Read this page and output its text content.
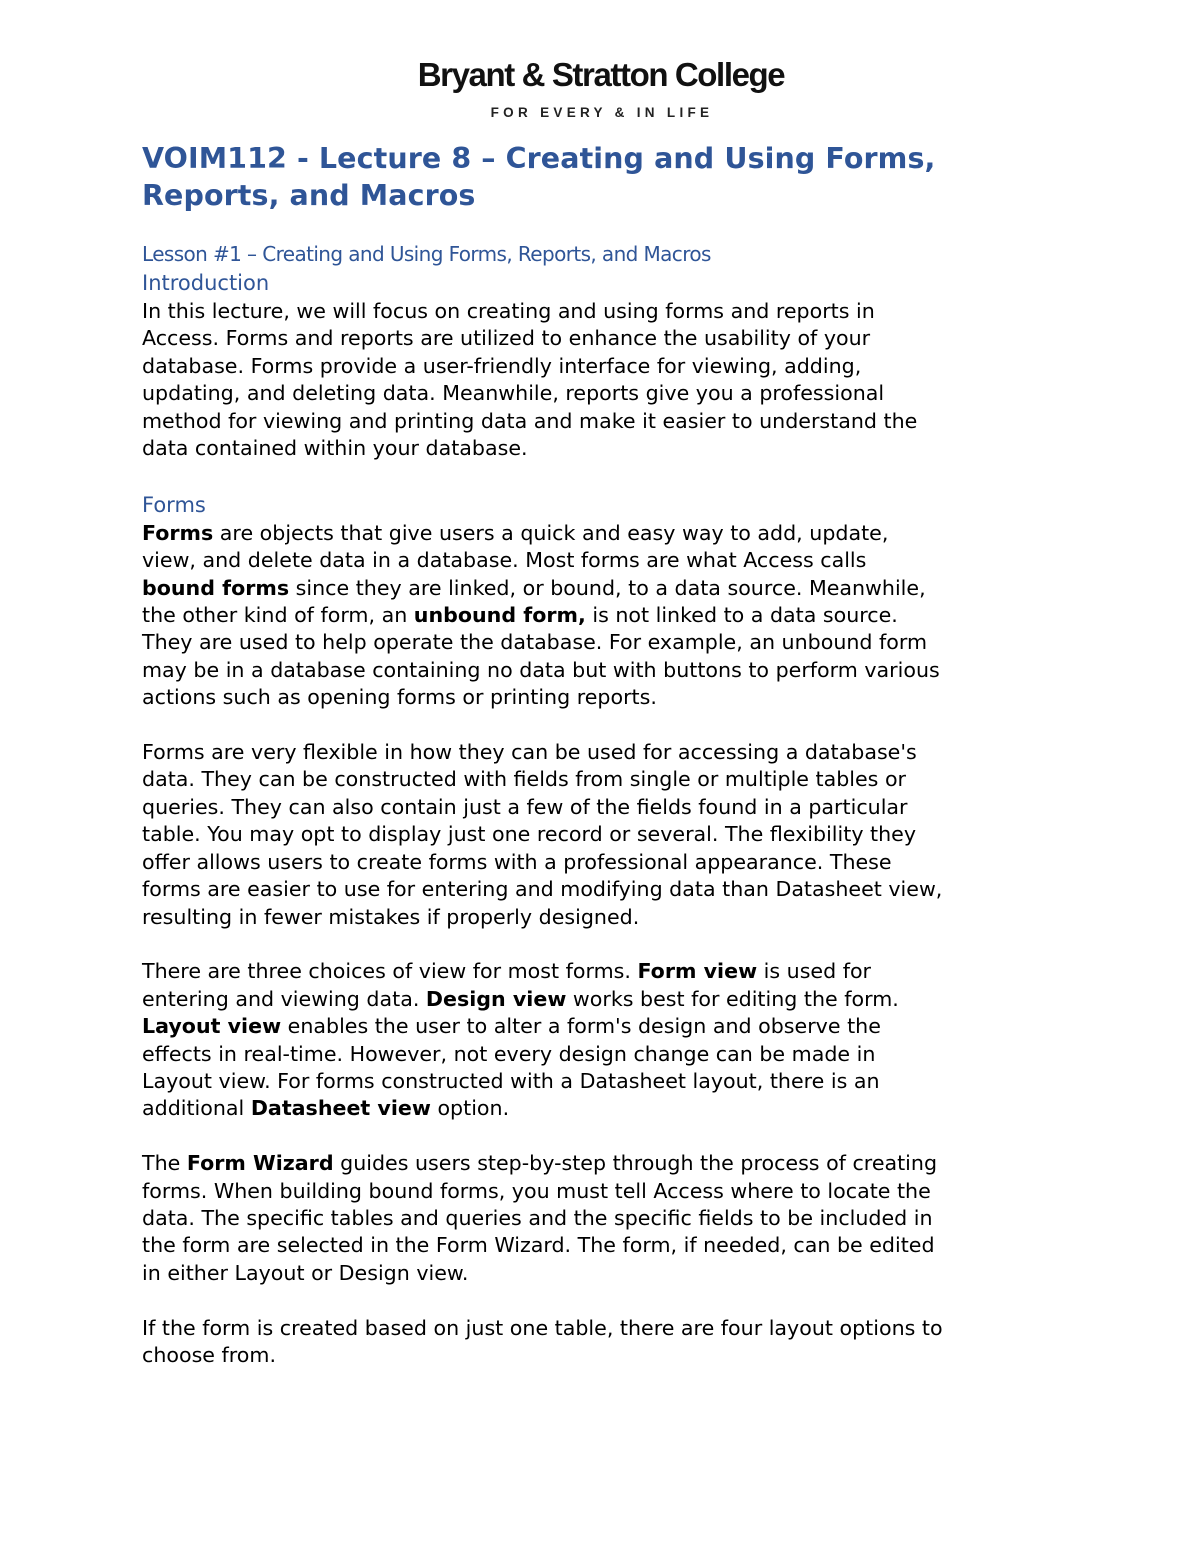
Bryant & Stratton College
FOR EVERY & IN LIFE
VOIM112 - Lecture 8 – Creating and Using Forms,
Reports, and Macros
Lesson #1 – Creating and Using Forms, Reports, and Macros
Introduction

In this lecture, we will focus on creating and using forms and reports in
Access. Forms and reports are utilized to enhance the usability of your
database. Forms provide a user-friendly interface for viewing, adding,
updating, and deleting data. Meanwhile, reports give you a professional
method for viewing and printing data and make it easier to understand the
data contained within your database.

Forms

Forms are objects that give users a quick and easy way to add, update,
view, and delete data in a database. Most forms are what Access calls
bound forms since they are linked, or bound, to a data source. Meanwhile,
the other kind of form, an unbound form, is not linked to a data source.
They are used to help operate the database. For example, an unbound form
may be in a database containing no data but with buttons to perform various
actions such as opening forms or printing reports.

Forms are very flexible in how they can be used for accessing a database's
data. They can be constructed with fields from single or multiple tables or
queries. They can also contain just a few of the fields found in a particular
table. You may opt to display just one record or several. The flexibility they
offer allows users to create forms with a professional appearance. These
forms are easier to use for entering and modifying data than Datasheet view,
resulting in fewer mistakes if properly designed.

There are three choices of view for most forms. Form view is used for
entering and viewing data. Design view works best for editing the form.
Layout view enables the user to alter a form's design and observe the
effects in real-time. However, not every design change can be made in
Layout view. For forms constructed with a Datasheet layout, there is an
additional Datasheet view option.

The Form Wizard guides users step-by-step through the process of creating
forms. When building bound forms, you must tell Access where to locate the
data. The specific tables and queries and the specific fields to be included in
the form are selected in the Form Wizard. The form, if needed, can be edited
in either Layout or Design view.

If the form is created based on just one table, there are four layout options to
choose from.
